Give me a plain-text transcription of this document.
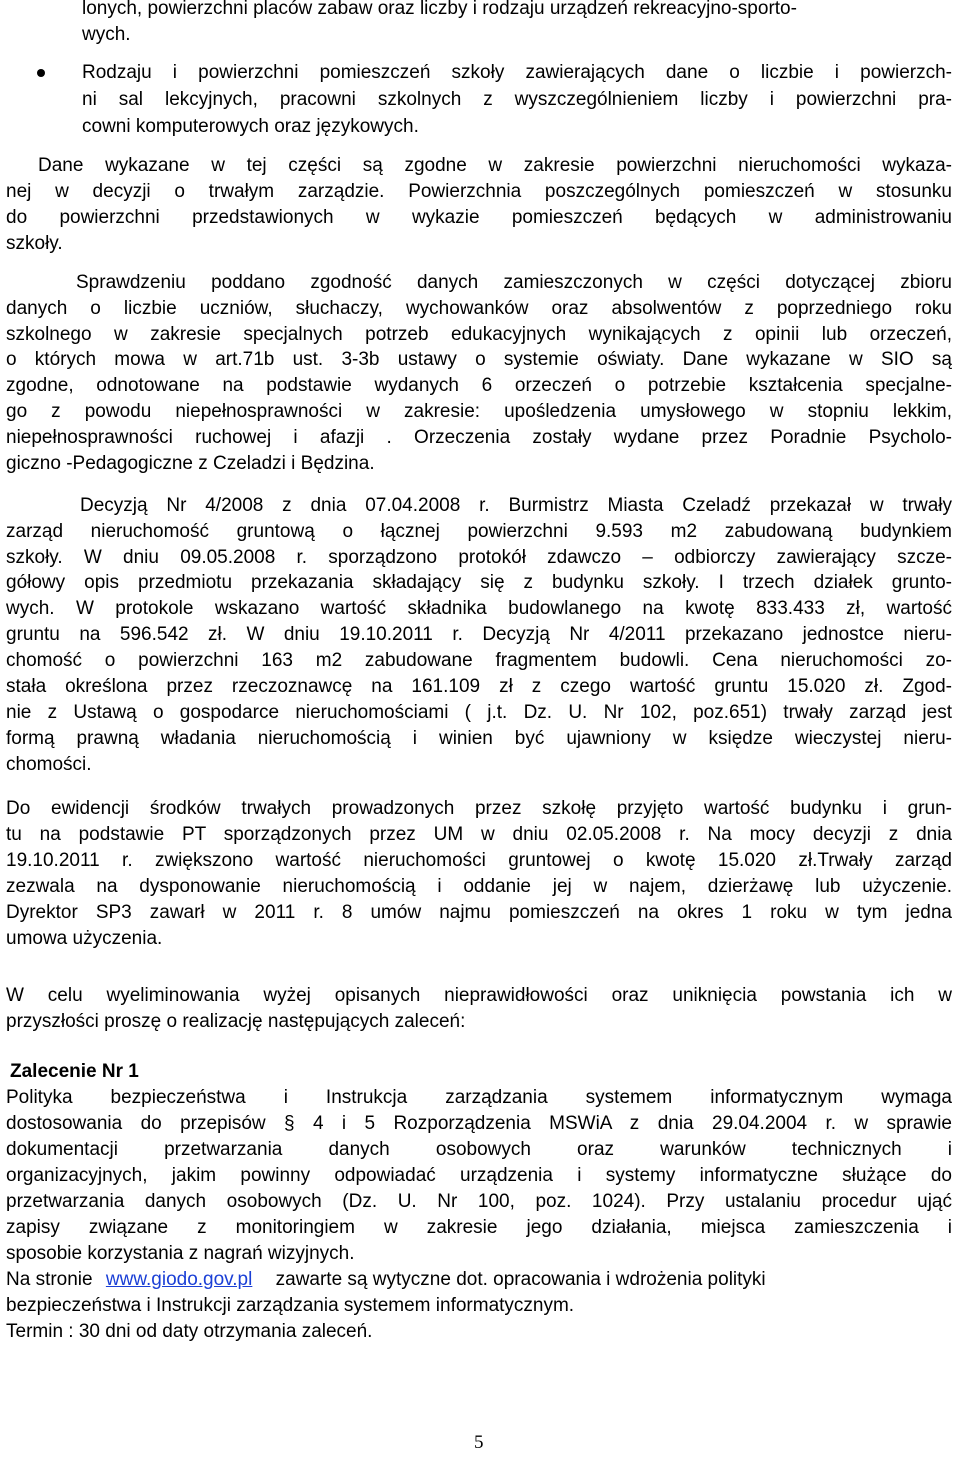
lonych, powierzchni placów zabaw oraz liczby i rodzaju urządzeń rekreacyjno-sporto-
wych.
Rodzaju i powierzchni pomieszczeń szkoły zawierających dane o liczbie i powierzch-
ni sal lekcyjnych, pracowni szkolnych z wyszczególnieniem liczby i powierzchni pra-
cowni komputerowych oraz językowych.
Dane wykazane w tej części są zgodne w zakresie powierzchni nieruchomości wykaza-
nej w decyzji o trwałym zarządzie. Powierzchnia poszczególnych pomieszczeń w stosunku
do powierzchni przedstawionych w wykazie pomieszczeń będących w administrowaniu
szkoły.
Sprawdzeniu poddano zgodność danych zamieszczonych w części dotyczącej zbioru
danych o liczbie uczniów, słuchaczy, wychowanków oraz absolwentów z poprzedniego roku
szkolnego w zakresie specjalnych potrzeb edukacyjnych wynikających z opinii lub orzeczeń,
o których mowa w art.71b ust. 3-3b ustawy o systemie oświaty. Dane wykazane w SIO są
zgodne, odnotowane na podstawie wydanych 6 orzeczeń o potrzebie kształcenia specjalne-
go z powodu niepełnosprawności w zakresie: upośledzenia umysłowego w stopniu lekkim,
niepełnosprawności ruchowej i afazji . Orzeczenia zostały wydane przez Poradnie Psycholo-
giczno -Pedagogiczne z Czeladzi i Będzina.
Decyzją Nr 4/2008 z dnia 07.04.2008 r. Burmistrz Miasta Czeladź przekazał w trwały
zarząd nieruchomość gruntową o łącznej powierzchni 9.593 m2 zabudowaną budynkiem
szkoły. W dniu 09.05.2008 r. sporządzono protokół zdawczo – odbiorczy zawierający szcze-
gółowy opis przedmiotu przekazania składający się z budynku szkoły. I trzech działek grunto-
wych. W protokole wskazano wartość składnika budowlanego na kwotę 833.433 zł, wartość
gruntu na 596.542 zł. W dniu 19.10.2011 r. Decyzją Nr 4/2011 przekazano jednostce nieru-
chomość o powierzchni 163 m2 zabudowane fragmentem budowli. Cena nieruchomości zo-
stała określona przez rzeczoznawcę na 161.109 zł z czego wartość gruntu 15.020 zł. Zgod-
nie z Ustawą o gospodarce nieruchomościami ( j.t. Dz. U. Nr 102, poz.651) trwały zarząd jest
formą prawną władania nieruchomością i winien być ujawniony w księdze wieczystej nieru-
chomości.
Do ewidencji środków trwałych prowadzonych przez szkołę przyjęto wartość budynku i grun-
tu na podstawie PT sporządzonych przez UM w dniu 02.05.2008 r. Na mocy decyzji z dnia
19.10.2011 r. zwiększono wartość nieruchomości gruntowej o kwotę 15.020 zł.Trwały zarząd
zezwala na dysponowanie nieruchomością i oddanie jej w najem, dzierżawę lub użyczenie.
Dyrektor SP3 zawarł w 2011 r. 8 umów najmu pomieszczeń na okres 1 roku w tym jedna
umowa użyczenia.
W celu wyeliminowania wyżej opisanych nieprawidłowości oraz uniknięcia powstania ich w
przyszłości proszę o realizację następujących zaleceń:
Zalecenie Nr 1
Polityka bezpieczeństwa i Instrukcja zarządzania systemem informatycznym wymaga
dostosowania do przepisów § 4 i 5 Rozporządzenia MSWiA z dnia 29.04.2004 r. w sprawie
dokumentacji przetwarzania danych osobowych oraz warunków technicznych i
organizacyjnych, jakim powinny odpowiadać urządzenia i systemy informatyczne służące do
przetwarzania danych osobowych (Dz. U. Nr 100, poz. 1024). Przy ustalaniu procedur ująć
zapisy związane z monitoringiem w zakresie jego działania, miejsca zamieszczenia i
sposobie korzystania z nagrań wizyjnych.
Na stronie www.giodo.gov.pl zawarte są wytyczne dot. opracowania i wdrożenia polityki
bezpieczeństwa i Instrukcji zarządzania systemem informatycznym.
Termin : 30 dni od daty otrzymania zaleceń.
5
